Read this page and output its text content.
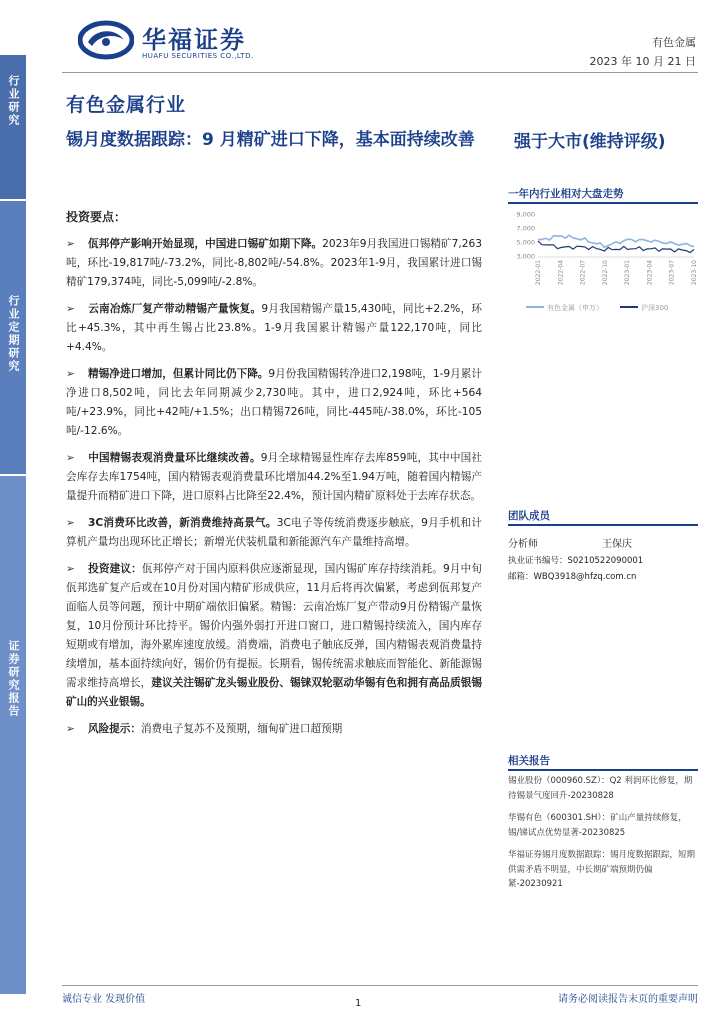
华福证券
HUAFU SECURITIES CO.,LTD.
有色金属
2023 年 10 月 21 日
行业研究
行业定期研究
证券研究报告
有色金属行业
锡月度数据跟踪：9 月精矿进口下降，基本面持续改善	强于大市(维持评级)
投资要点：
➢ 佤邦停产影响开始显现，中国进口锡矿如期下降。2023年9月我国进口锡精矿7,263吨，环比-19,817吨/-73.2%，同比-8,802吨/-54.8%。2023年1-9月，我国累计进口锡精矿179,374吨，同比-5,099吨/-2.8%。
➢ 云南冶炼厂复产带动精锡产量恢复。9月我国精锡产量15,430吨，同比+2.2%，环比+45.3%，其中再生锡占比23.8%。1-9月我国累计精锡产量122,170吨，同比+4.4%。
➢ 精锡净进口增加，但累计同比仍下降。9月份我国精锡转净进口2,198吨，1-9月累计净进口8,502吨，同比去年同期减少2,730吨。其中，进口2,924吨，环比+564吨/+23.9%，同比+42吨/+1.5%；出口精锡726吨，同比-445吨/-38.0%，环比-105吨/-12.6%。
➢ 中国精锡表观消费量环比继续改善。9月全球精锡显性库存去库859吨，其中中国社会库存去库1754吨，国内精锡表观消费量环比增加44.2%至1.94万吨，随着国内精锡产量提升而精矿进口下降，进口原料占比降至22.4%，预计国内精矿原料处于去库存状态。
➢ 3C消费环比改善，新消费维持高景气。3C电子等传统消费逐步触底，9月手机和计算机产量均出现环比正增长；新增光伏装机量和新能源汽车产量维持高增。
➢ 投资建议：佤邦停产对于国内原料供应逐渐显现，国内锡矿库存持续消耗。9月中旬佤邦选矿复产后或在10月份对国内精矿形成供应，11月后将再次偏紧，考虑到佤邦复产面临人员等问题，预计中期矿端依旧偏紧。精锡：云南冶炼厂复产带动9月份精锡产量恢复，10月份预计环比持平。锡价内强外弱打开进口窗口，进口精锡持续流入，国内库存短期或有增加，海外累库速度放缓。消费端，消费电子触底反弹，国内精锡表观消费量持续增加，基本面持续向好，锡价仍有提振。长期看，锡传统需求触底而智能化、新能源锡需求维持高增长，建议关注锡矿龙头锡业股份、锡铼双轮驱动华锡有色和拥有高品质银锡矿山的兴业银锡。
➢ 风险提示：消费电子复苏不及预期，缅甸矿进口超预期
一年内行业相对大盘走势
9,000
7,000
5,000
3,000
2022-01	2022-04	2022-07	2022-10	2023-01	2023-04	2023-07	2023-10
有色金属（申万）	沪深300
团队成员
分析师	王保庆
执业证书编号：S0210522090001
邮箱：WBQ3918@hfzq.com.cn
相关报告
锡业股份（000960.SZ）：Q2 利润环比修复，期待锡景气度回升-20230828
华锡有色（600301.SH）：矿山产量持续修复，锡/锑试点优势显著-20230825
华福证券锡月度数据跟踪：锡月度数据跟踪，短期供需矛盾不明显，中长期矿端预期仍偏紧-20230921
诚信专业 发现价值	1	请务必阅读报告末页的重要声明
